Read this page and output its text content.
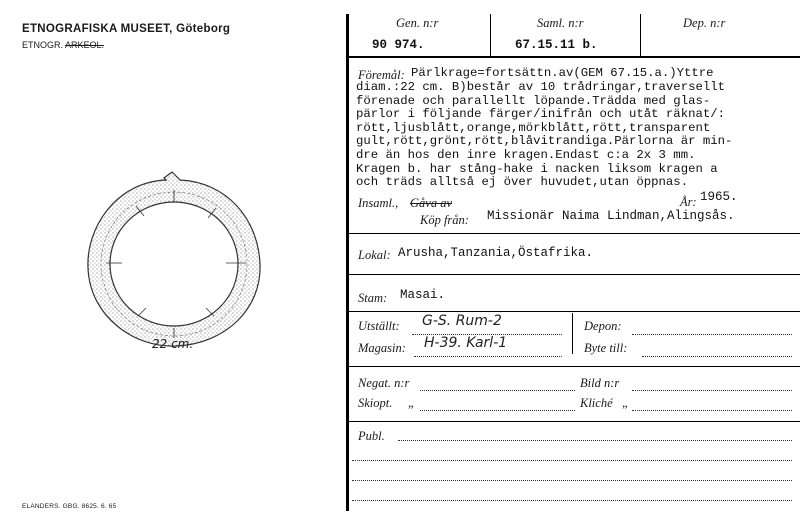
ETNOGRAFISKA MUSEET, Göteborg
ETNOGR. ARKEOL.
22 cm.
ELANDERS. GBG. 8625. 6. 65
Gen. n:r	Saml. n:r	Dep. n:r
90 974.	67.15.11 b.
Föremål: Pärlkrage=fortsättn.av(GEM 67.15.a.)Yttre
diam.:22 cm. B)består av 10 trådringar,traversellt
förenade och parallellt löpande.Trädda med glas-
pärlor i följande färger/inifrån och utåt räknat/:
rött,ljusblått,orange,mörkblått,rött,transparent
gult,rött,grönt,rött,blåvitrandiga.Pärlorna är min-
dre än hos den inre kragen.Endast c:a 2x 3 mm.
Kragen b. har stång-hake i nacken liksom kragen a
och träds alltså ej över huvudet,utan öppnas.
Insaml., Gåva av	År: 1965.
Köp från: Missionär Naima Lindman,Alingsås.
Lokal: Arusha,Tanzania,Östafrika.
Stam: Masai.
Utställt: G-S. Rum-2
Magasin: H-39. Karl-1
Depon:
Byte till:
Negat. n:r	Bild n:r
Skiopt. „	Kliché „
Publ.
